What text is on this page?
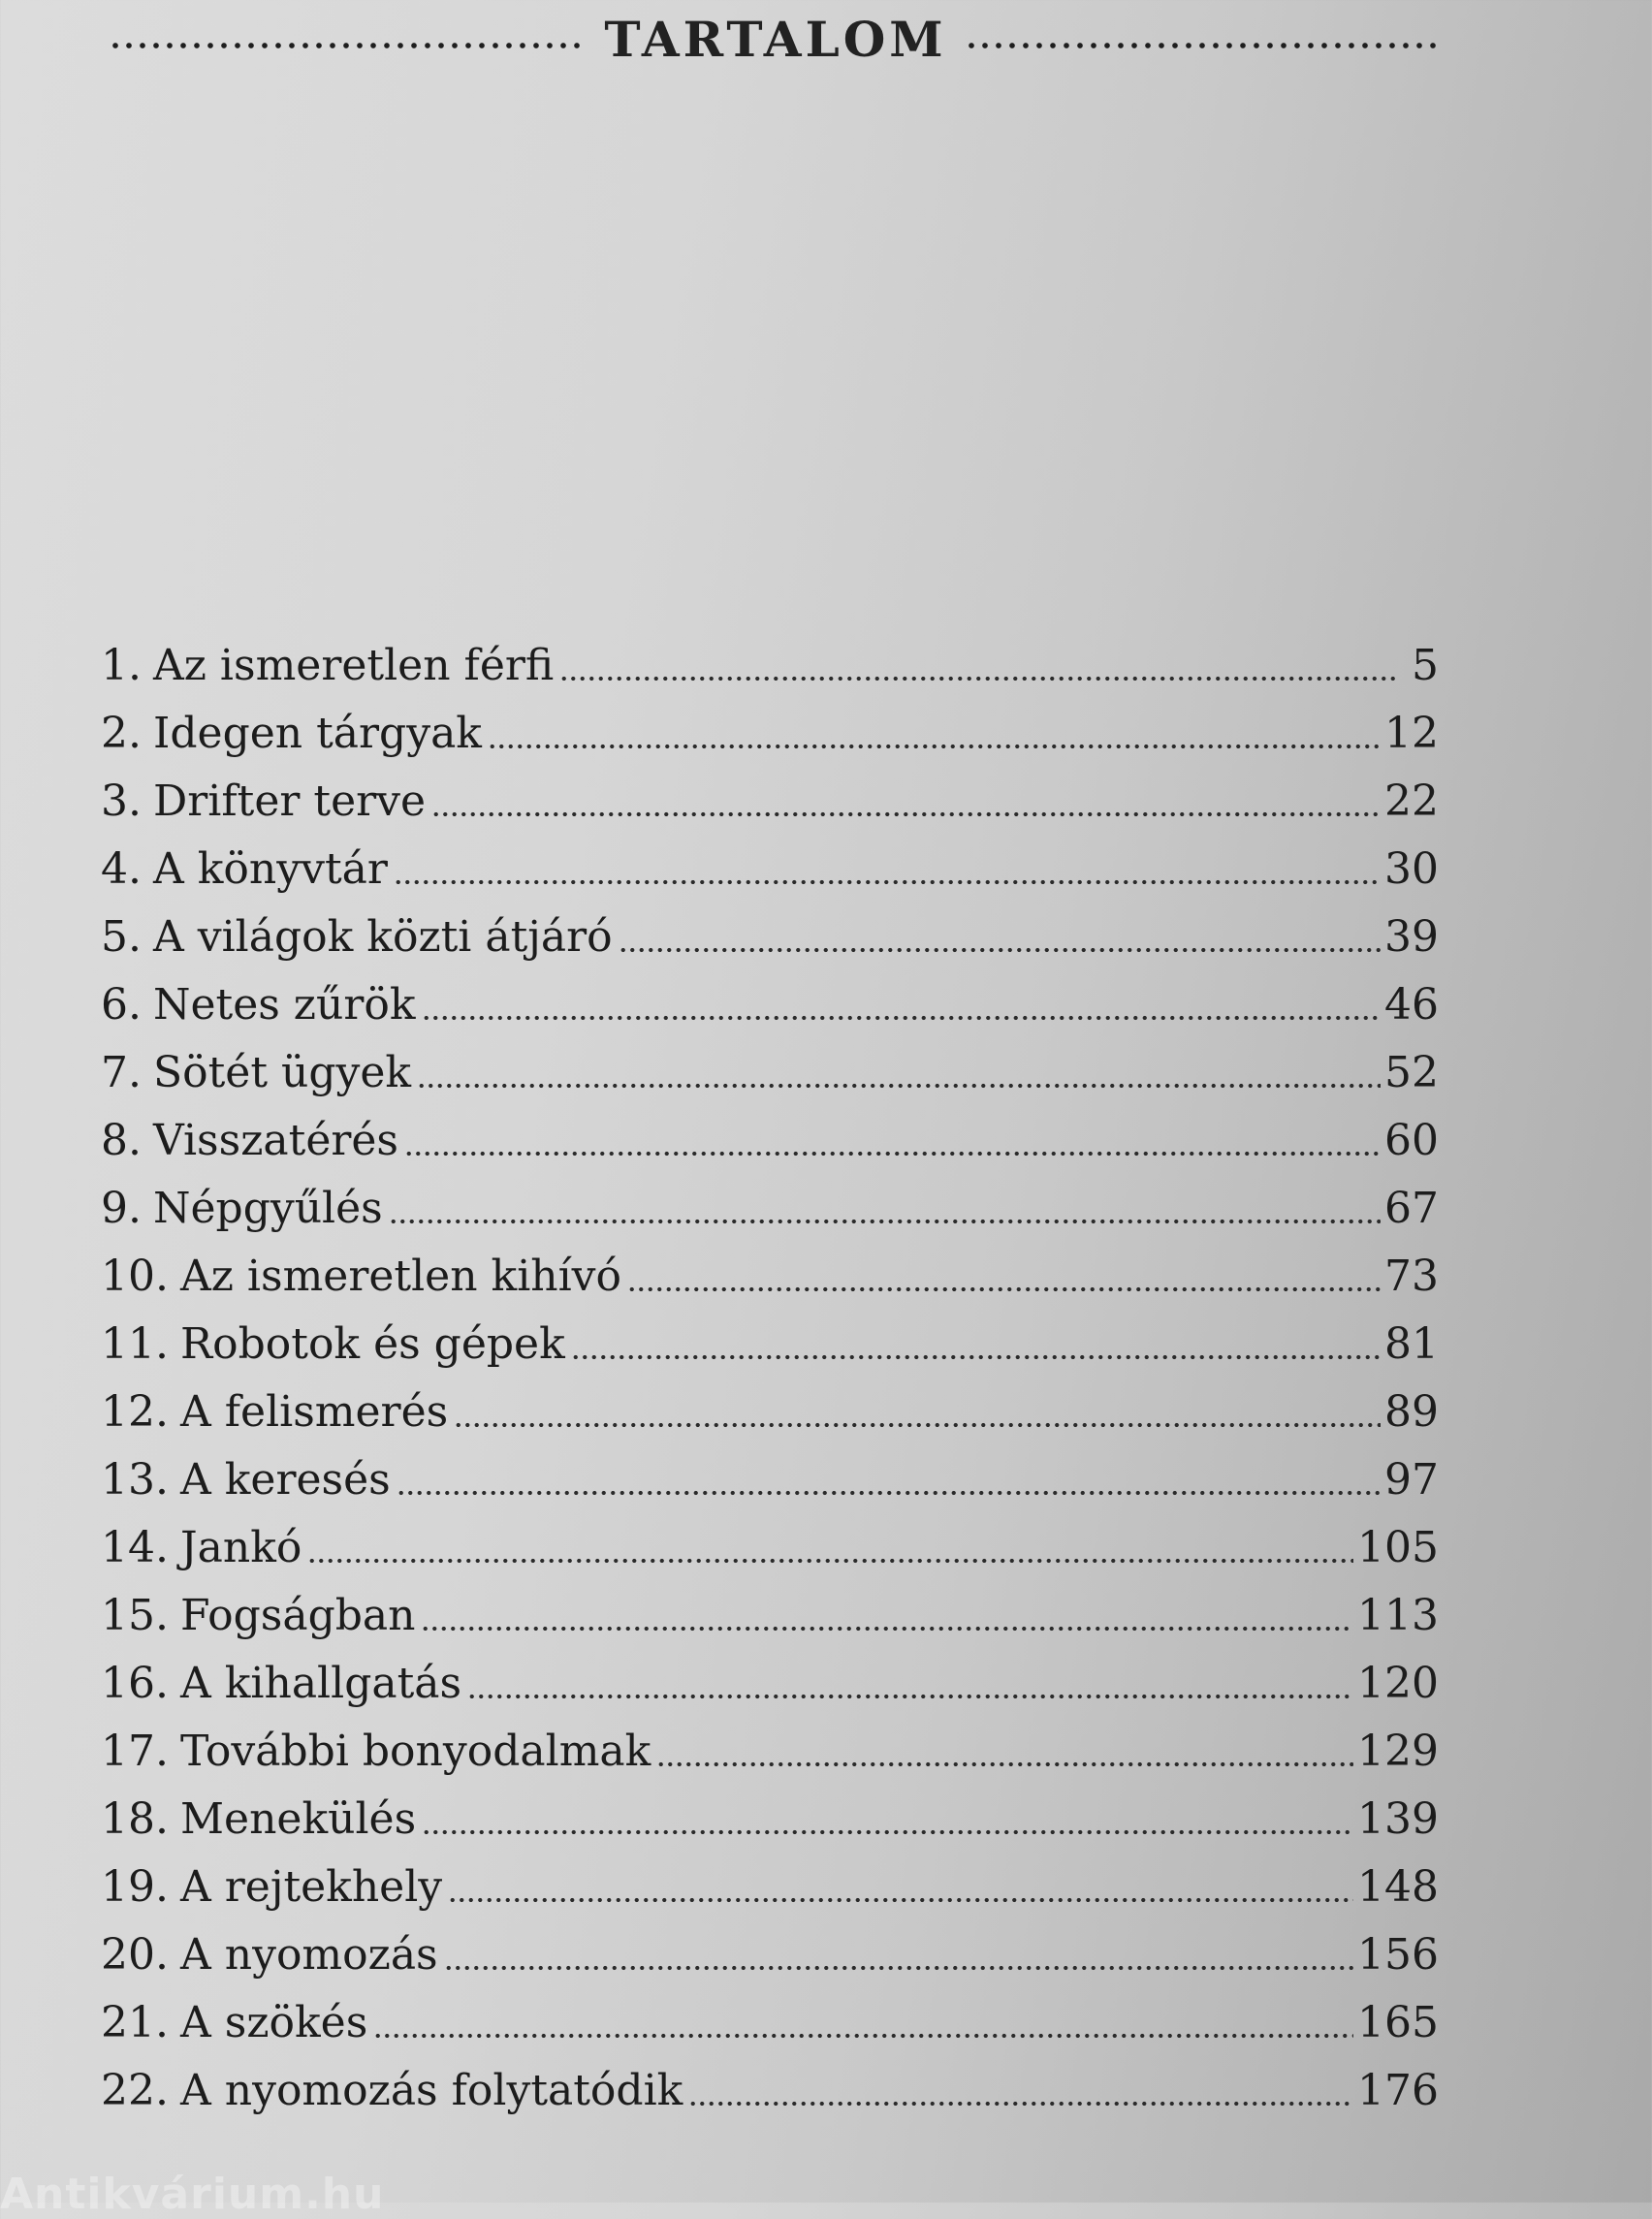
TARTALOM
1. Az ismeretlen férfi	5
2. Idegen tárgyak	12
3. Drifter terve	22
4. A könyvtár	30
5. A világok közti átjáró	39
6. Netes zűrök	46
7. Sötét ügyek	52
8. Visszatérés	60
9. Népgyűlés	67
10. Az ismeretlen kihívó	73
11. Robotok és gépek	81
12. A felismerés	89
13. A keresés	97
14. Jankó	105
15. Fogságban	113
16. A kihallgatás	120
17. További bonyodalmak	129
18. Menekülés	139
19. A rejtekhely	148
20. A nyomozás	156
21. A szökés	165
22. A nyomozás folytatódik	176
Antikvárium.hu
